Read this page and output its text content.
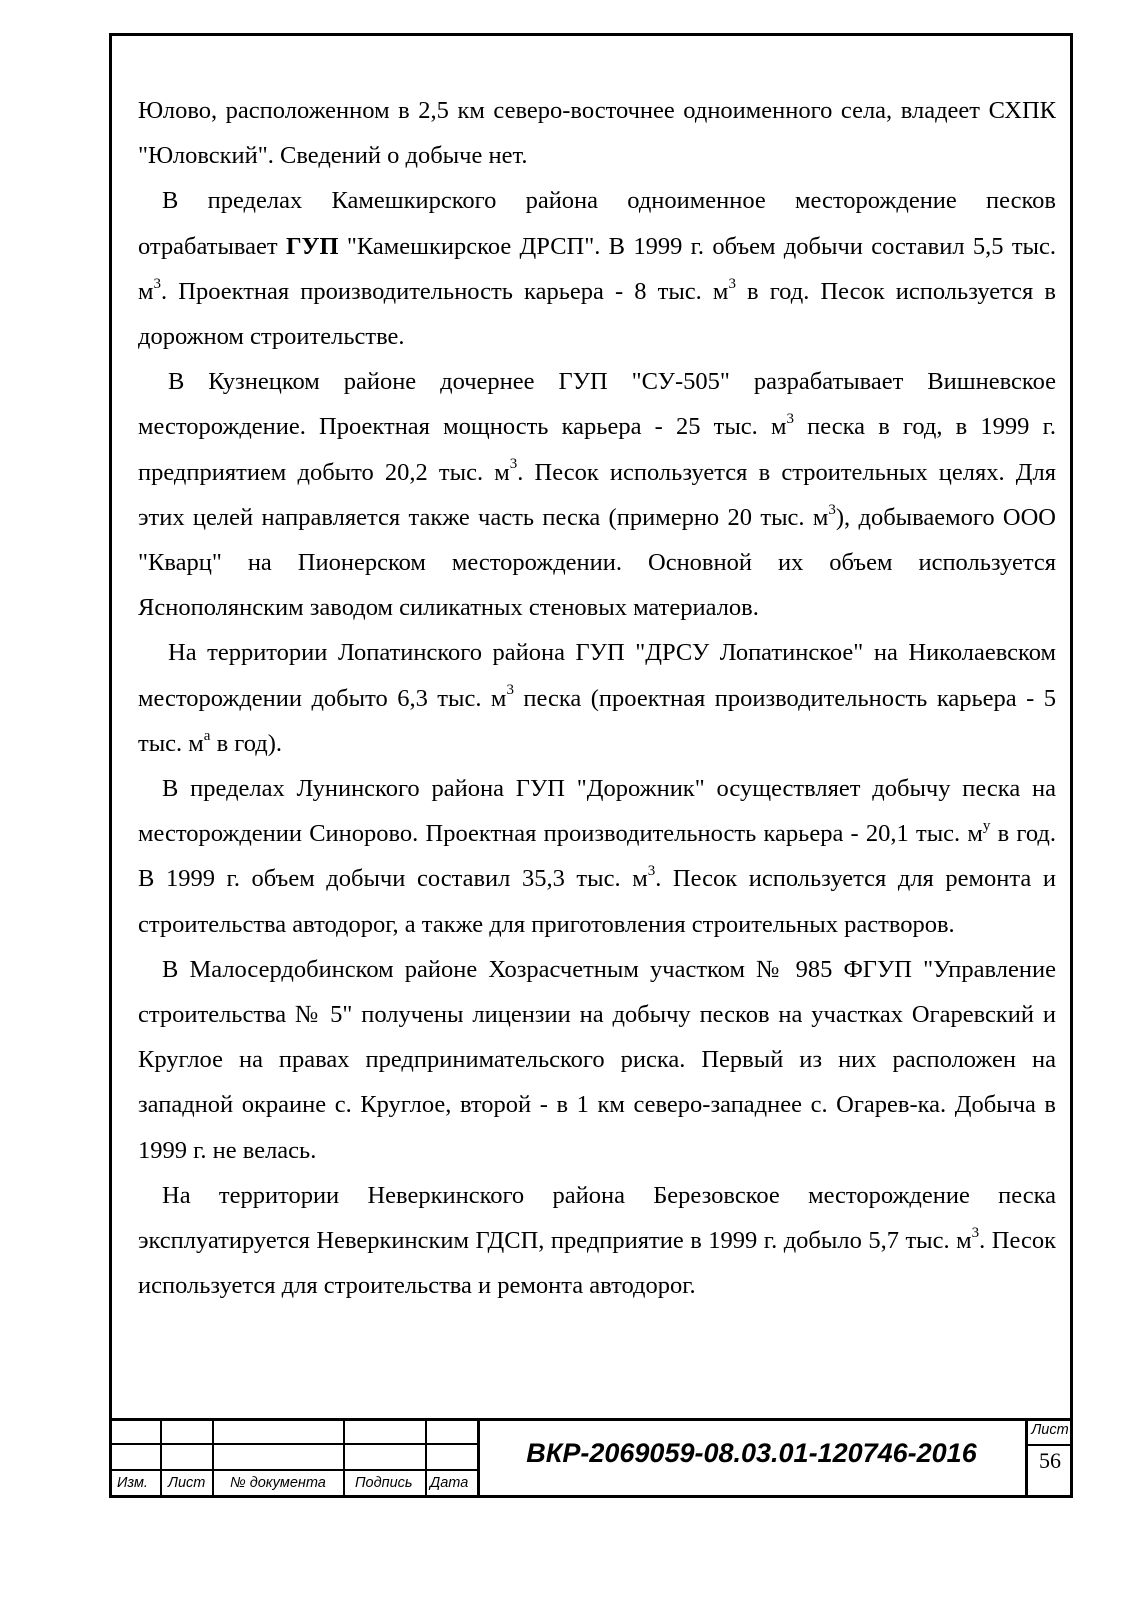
Юлово, расположенном в 2,5 км северо-восточнее одноименного села, владеет СХПК "Юловский". Сведений о добыче нет.

В пределах Камешкирского района одноименное месторождение песков отрабатывает ГУП "Камешкирское ДРСП". В 1999 г. объем добычи составил 5,5 тыс. $м^3$. Проектная производительность карьера - 8 тыс. $м^3$ в год. Песок используется в дорожном строительстве.

В Кузнецком районе дочернее ГУП "СУ-505" разрабатывает Вишневское месторождение. Проектная мощность карьера - 25 тыс. $м^3$ песка в год, в 1999 г. предприятием добыто 20,2 тыс. $м^3$. Песок используется в строительных целях. Для этих целей направляется также часть песка (примерно 20 тыс. $м^3$), добываемого ООО "Кварц" на Пионерском месторождении. Основной их объем используется Яснополянским заводом силикатных стеновых материалов.

На территории Лопатинского района ГУП "ДРСУ Лопатинское" на Николаевском месторождении добыто 6,3 тыс. $м^3$ песка (проектная производительность карьера - 5 тыс. $м^а$ в год).

В пределах Лунинского района ГУП "Дорожник" осуществляет добычу песка на месторождении Синорово. Проектная производительность карьера - 20,1 тыс. $м^у$ в год. В 1999 г. объем добычи составил 35,3 тыс. $м^3$. Песок используется для ремонта и строительства автодорог, а также для приготовления строительных растворов.

В Малосердобинском районе Хозрасчетным участком № 985 ФГУП "Управление строительства № 5" получены лицензии на добычу песков на участках Огаревский и Круглое на правах предпринимательского риска. Первый из них расположен на западной окраине с. Круглое, второй - в 1 км северо-западнее с. Огарев-ка. Добыча в 1999 г. не велась.

На территории Неверкинского района Березовское месторождение песка эксплуатируется Неверкинским ГДСП, предприятие в 1999 г. добыло 5,7 тыс. $м^3$. Песок используется для строительства и ремонта автодорог.

Изм. Лист № документа Подпись Дата
ВКР-2069059-08.03.01-120746-2016
Лист
56
